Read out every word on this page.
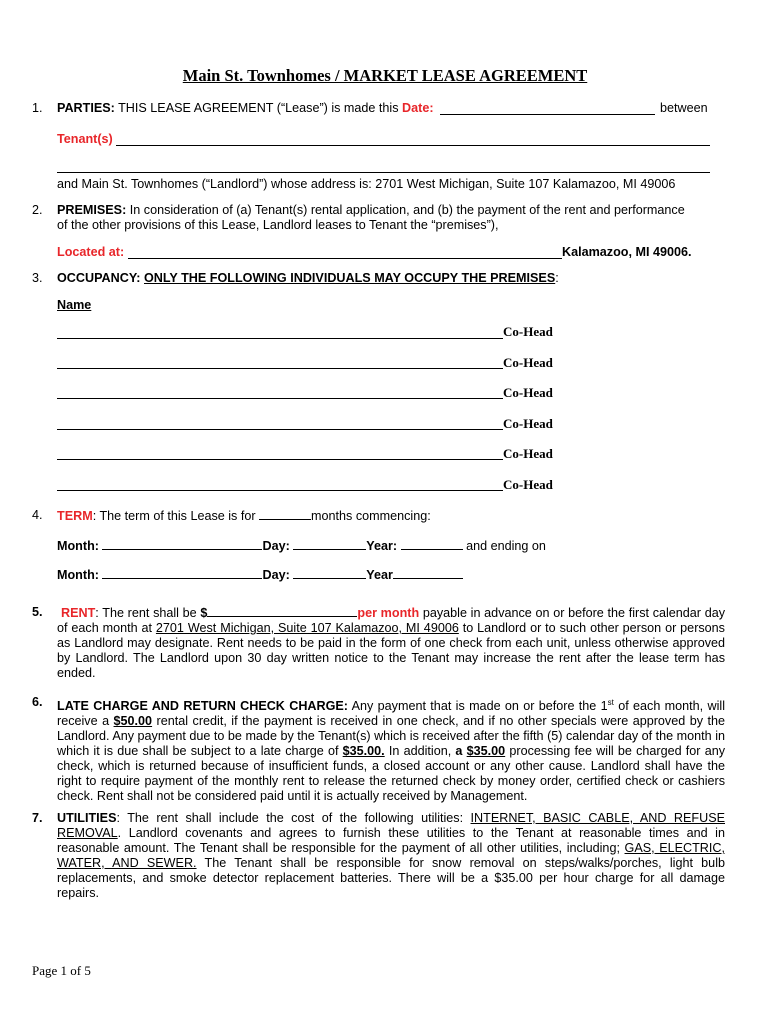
Main St. Townhomes / MARKET LEASE AGREEMENT
1. PARTIES: THIS LEASE AGREEMENT (“Lease”) is made this Date:	between
Tenant(s)
and Main St. Townhomes (“Landlord”) whose address is: 2701 West Michigan, Suite 107 Kalamazoo, MI 49006
2. PREMISES: In consideration of (a) Tenant(s) rental application, and (b) the payment of the rent and performance
of the other provisions of this Lease, Landlord leases to Tenant the “premises”),
Located at:	Kalamazoo, MI 49006.
3. OCCUPANCY: ONLY THE FOLLOWING INDIVIDUALS MAY OCCUPY THE PREMISES:
Name
Co-Head
Co-Head
Co-Head
Co-Head
Co-Head
Co-Head
4. TERM: The term of this Lease is for	months commencing:
Month:	Day:	Year:	and ending on
Month:	Day:	Year
5.	RENT: The rent shall be $	per month payable in advance on or before the first calendar day of each month at 2701 West Michigan, Suite 107 Kalamazoo, MI 49006 to Landlord or to such other person or persons as Landlord may designate. Rent needs to be paid in the form of one check from each unit, unless otherwise approved by Landlord. The Landlord upon 30 day written notice to the Tenant may increase the rent after the lease term has ended.
6. LATE CHARGE AND RETURN CHECK CHARGE: Any payment that is made on or before the 1st of each month, will receive a $50.00 rental credit, if the payment is received in one check, and if no other specials were approved by the Landlord. Any payment due to be made by the Tenant(s) which is received after the fifth (5) calendar day of the month in which it is due shall be subject to a late charge of $35.00. In addition, a $35.00 processing fee will be charged for any check, which is returned because of insufficient funds, a closed account or any other cause. Landlord shall have the right to require payment of the monthly rent to release the returned check by money order, certified check or cashiers check. Rent shall not be considered paid until it is actually received by Management.
7. UTILITIES: The rent shall include the cost of the following utilities: INTERNET, BASIC CABLE, AND REFUSE REMOVAL. Landlord covenants and agrees to furnish these utilities to the Tenant at reasonable times and in reasonable amount. The Tenant shall be responsible for the payment of all other utilities, including; GAS, ELECTRIC, WATER, AND SEWER. The Tenant shall be responsible for snow removal on steps/walks/porches, light bulb replacements, and smoke detector replacement batteries. There will be a $35.00 per hour charge for all damage repairs.
Page 1 of 5
